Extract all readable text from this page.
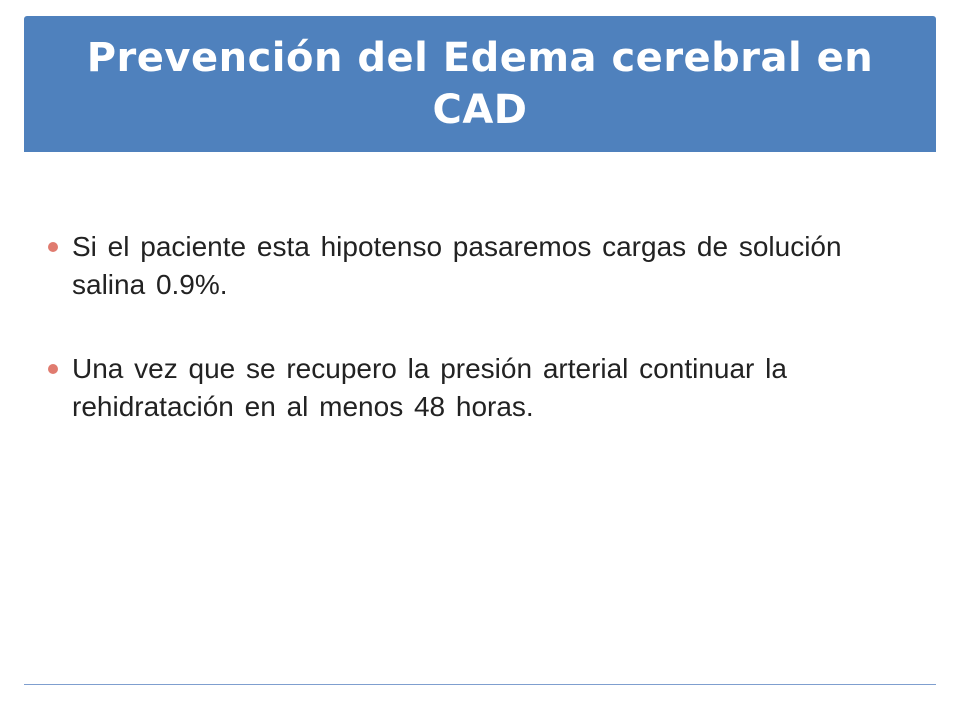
Prevención del Edema cerebral en CAD
Si el paciente esta hipotenso pasaremos cargas de solución salina 0.9%.
Una vez que se recupero la presión arterial continuar la rehidratación en al menos 48 horas.
